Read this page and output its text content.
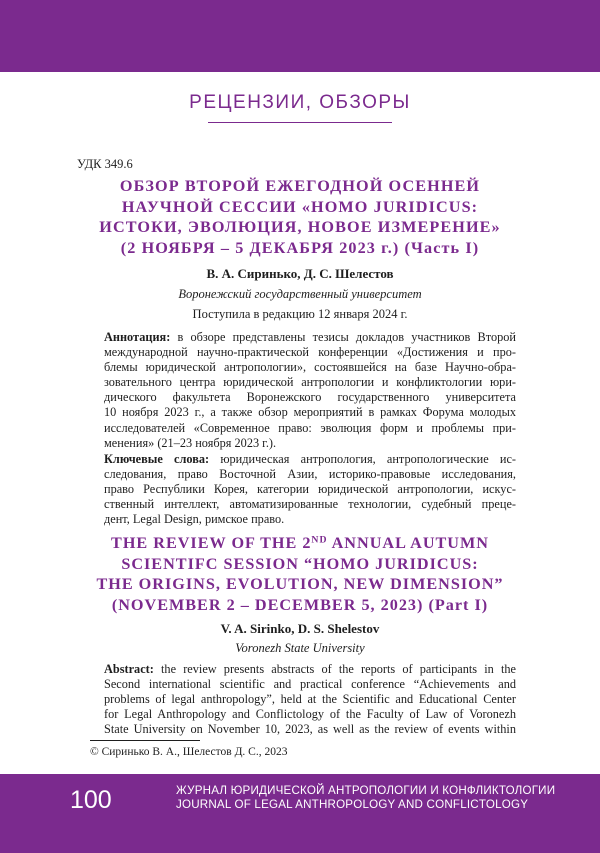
РЕЦЕНЗИИ, ОБЗОРЫ
УДК 349.6
ОБЗОР ВТОРОЙ ЕЖЕГОДНОЙ ОСЕННЕЙ
НАУЧНОЙ СЕССИИ «HOMO JURIDICUS:
ИСТОКИ, ЭВОЛЮЦИЯ, НОВОЕ ИЗМЕРЕНИЕ»
(2 НОЯБРЯ – 5 ДЕКАБРЯ 2023 г.) (Часть I)
В. А. Сиринько, Д. С. Шелестов
Воронежский государственный университет
Поступила в редакцию 12 января 2024 г.
Аннотация: в обзоре представлены тезисы докладов участников Второй
международной научно-практической конференции «Достижения и про-
блемы юридической антропологии», состоявшейся на базе Научно-обра-
зовательного центра юридической антропологии и конфликтологии юри-
дического факультета Воронежского государственного университета
10 ноября 2023 г., а также обзор мероприятий в рамках Форума молодых
исследователей «Современное право: эволюция форм и проблемы при-
менения» (21–23 ноября 2023 г.).
Ключевые слова: юридическая антропология, антропологические ис-
следования, право Восточной Азии, историко-правовые исследования,
право Республики Корея, категории юридической антропологии, искус-
ственный интеллект, автоматизированные технологии, судебный преце-
дент, Legal Design, римское право.
THE REVIEW OF THE 2ND ANNUAL AUTUMN
SCIENTIFC SESSION “HOMO JURIDICUS:
THE ORIGINS, EVOLUTION, NEW DIMENSION”
(NOVEMBER 2 – DECEMBER 5, 2023) (Part I)
V. A. Sirinko, D. S. Shelestov
Voronezh State University
Abstract: the review presents abstracts of the reports of participants in the
Second international scientific and practical conference “Achievements and
problems of legal anthropology”, held at the Scientific and Educational Center
for Legal Anthropology and Conflictology of the Faculty of Law of Voronezh
State University on November 10, 2023, as well as the review of events within
© Сиринько В. А., Шелестов Д. С., 2023
100	ЖУРНАЛ ЮРИДИЧЕСКОЙ АНТРОПОЛОГИИ И КОНФЛИКТОЛОГИИ
JOURNAL OF LEGAL ANTHROPOLOGY AND CONFLICTOLOGY
